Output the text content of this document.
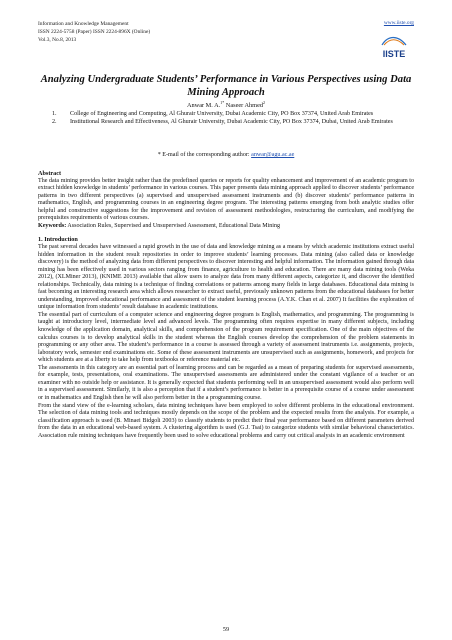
Information and Knowledge Management
ISSN 2224-5758 (Paper) ISSN 2224-896X (Online)
Vol.3, No.8, 2013
www.iiste.org
IISTE
Analyzing Undergraduate Students’ Performance in Various Perspectives using Data Mining Approach
Anwar M. A.$^{1*}$ Naseer Ahmed$^2$
1. College of Engineering and Computing, Al Ghurair University, Dubai Academic City, PO Box 37374, United Arab Emirates
2. Institutional Research and Effectiveness, Al Ghurair University, Dubai Academic City, PO Box 37374, Dubai, United Arab Emirates
* E-mail of the corresponding author: anwar@agu.ac.ae
Abstract

The data mining provides better insight rather than the predefined queries or reports for quality enhancement and improvement of an academic program to extract hidden knowledge in students’ performance in various courses. This paper presents data mining approach applied to discover students’ performance patterns in two different perspectives (a) supervised and unsupervised assessment instruments and (b) discover students’ performance patterns in mathematics, English, and programming courses in an engineering degree program. The interesting patterns emerging from both analytic studies offer helpful and constructive suggestions for the improvement and revision of assessment methodologies, restructuring the curriculum, and modifying the prerequisites requirements of various courses.

Keywords: Association Rules, Supervised and Unsupervised Assessment, Educational Data Mining

1. Introduction

The past several decades have witnessed a rapid growth in the use of data and knowledge mining as a means by which academic institutions extract useful hidden information in the student result repositories in order to improve students’ learning processes. Data mining (also called data or knowledge discovery) is the method of analyzing data from different perspectives to discover interesting and helpful information. The information gained through data mining has been effectively used in various sectors ranging from finance, agriculture to health and education. There are many data mining tools (Weka 2012), (XLMiner 2013), (KNIME 2013) available that allow users to analyze data from many different aspects, categorize it, and discover the identified relationships. Technically, data mining is a technique of finding correlations or patterns among many fields in large databases. Educational data mining is fast becoming an interesting research area which allows researcher to extract useful, previously unknown patterns from the educational databases for better understanding, improved educational performance and assessment of the student learning process (A.Y.K. Chan et al. 2007) It facilities the exploration of unique information from students’ result database in academic institutions.

The essential part of curriculum of a computer science and engineering degree program is English, mathematics, and programming. The programming is taught at introductory level, intermediate level and advanced levels. The programming often requires expertise in many different subjects, including knowledge of the application domain, analytical skills, and comprehension of the program requirement specification. One of the main objectives of the calculus courses is to develop analytical skills in the student whereas the English courses develop the comprehension of the problem statements in programming or any other area. The student’s performance in a course is assessed through a variety of assessment instruments i.e. assignments, projects, laboratory work, semester end examinations etc. Some of these assessment instruments are unsupervised such as assignments, homework, and projects for which students are at a liberty to take help from textbooks or reference material etc.

The assessments in this category are an essential part of learning process and can be regarded as a mean of preparing students for supervised assessments, for example, tests, presentations, oral examinations. The unsupervised assessments are administered under the constant vigilance of a teacher or an examiner with no outside help or assistance. It is generally expected that students performing well in an unsupervised assessment would also perform well in a supervised assessment. Similarly, it is also a perception that if a student’s performance is better in a prerequisite course of a course under assessment or in mathematics and English then he will also perform better in the a programming course.

From the stand view of the e-learning scholars, data mining techniques have been employed to solve different problems in the educational environment. The selection of data mining tools and techniques mostly depends on the scope of the problem and the expected results from the analysis. For example, a classification approach is used (B. Minaei Bidgoli 2003) to classify students to predict their final year performance based on different parameters derived from the data in an educational web-based system. A clustering algorithm is used (G.J. Tsai) to categorize students with similar behavioral characteristics. Association rule mining techniques have frequently been used to solve educational problems and carry out critical analysis in an academic environment

59
